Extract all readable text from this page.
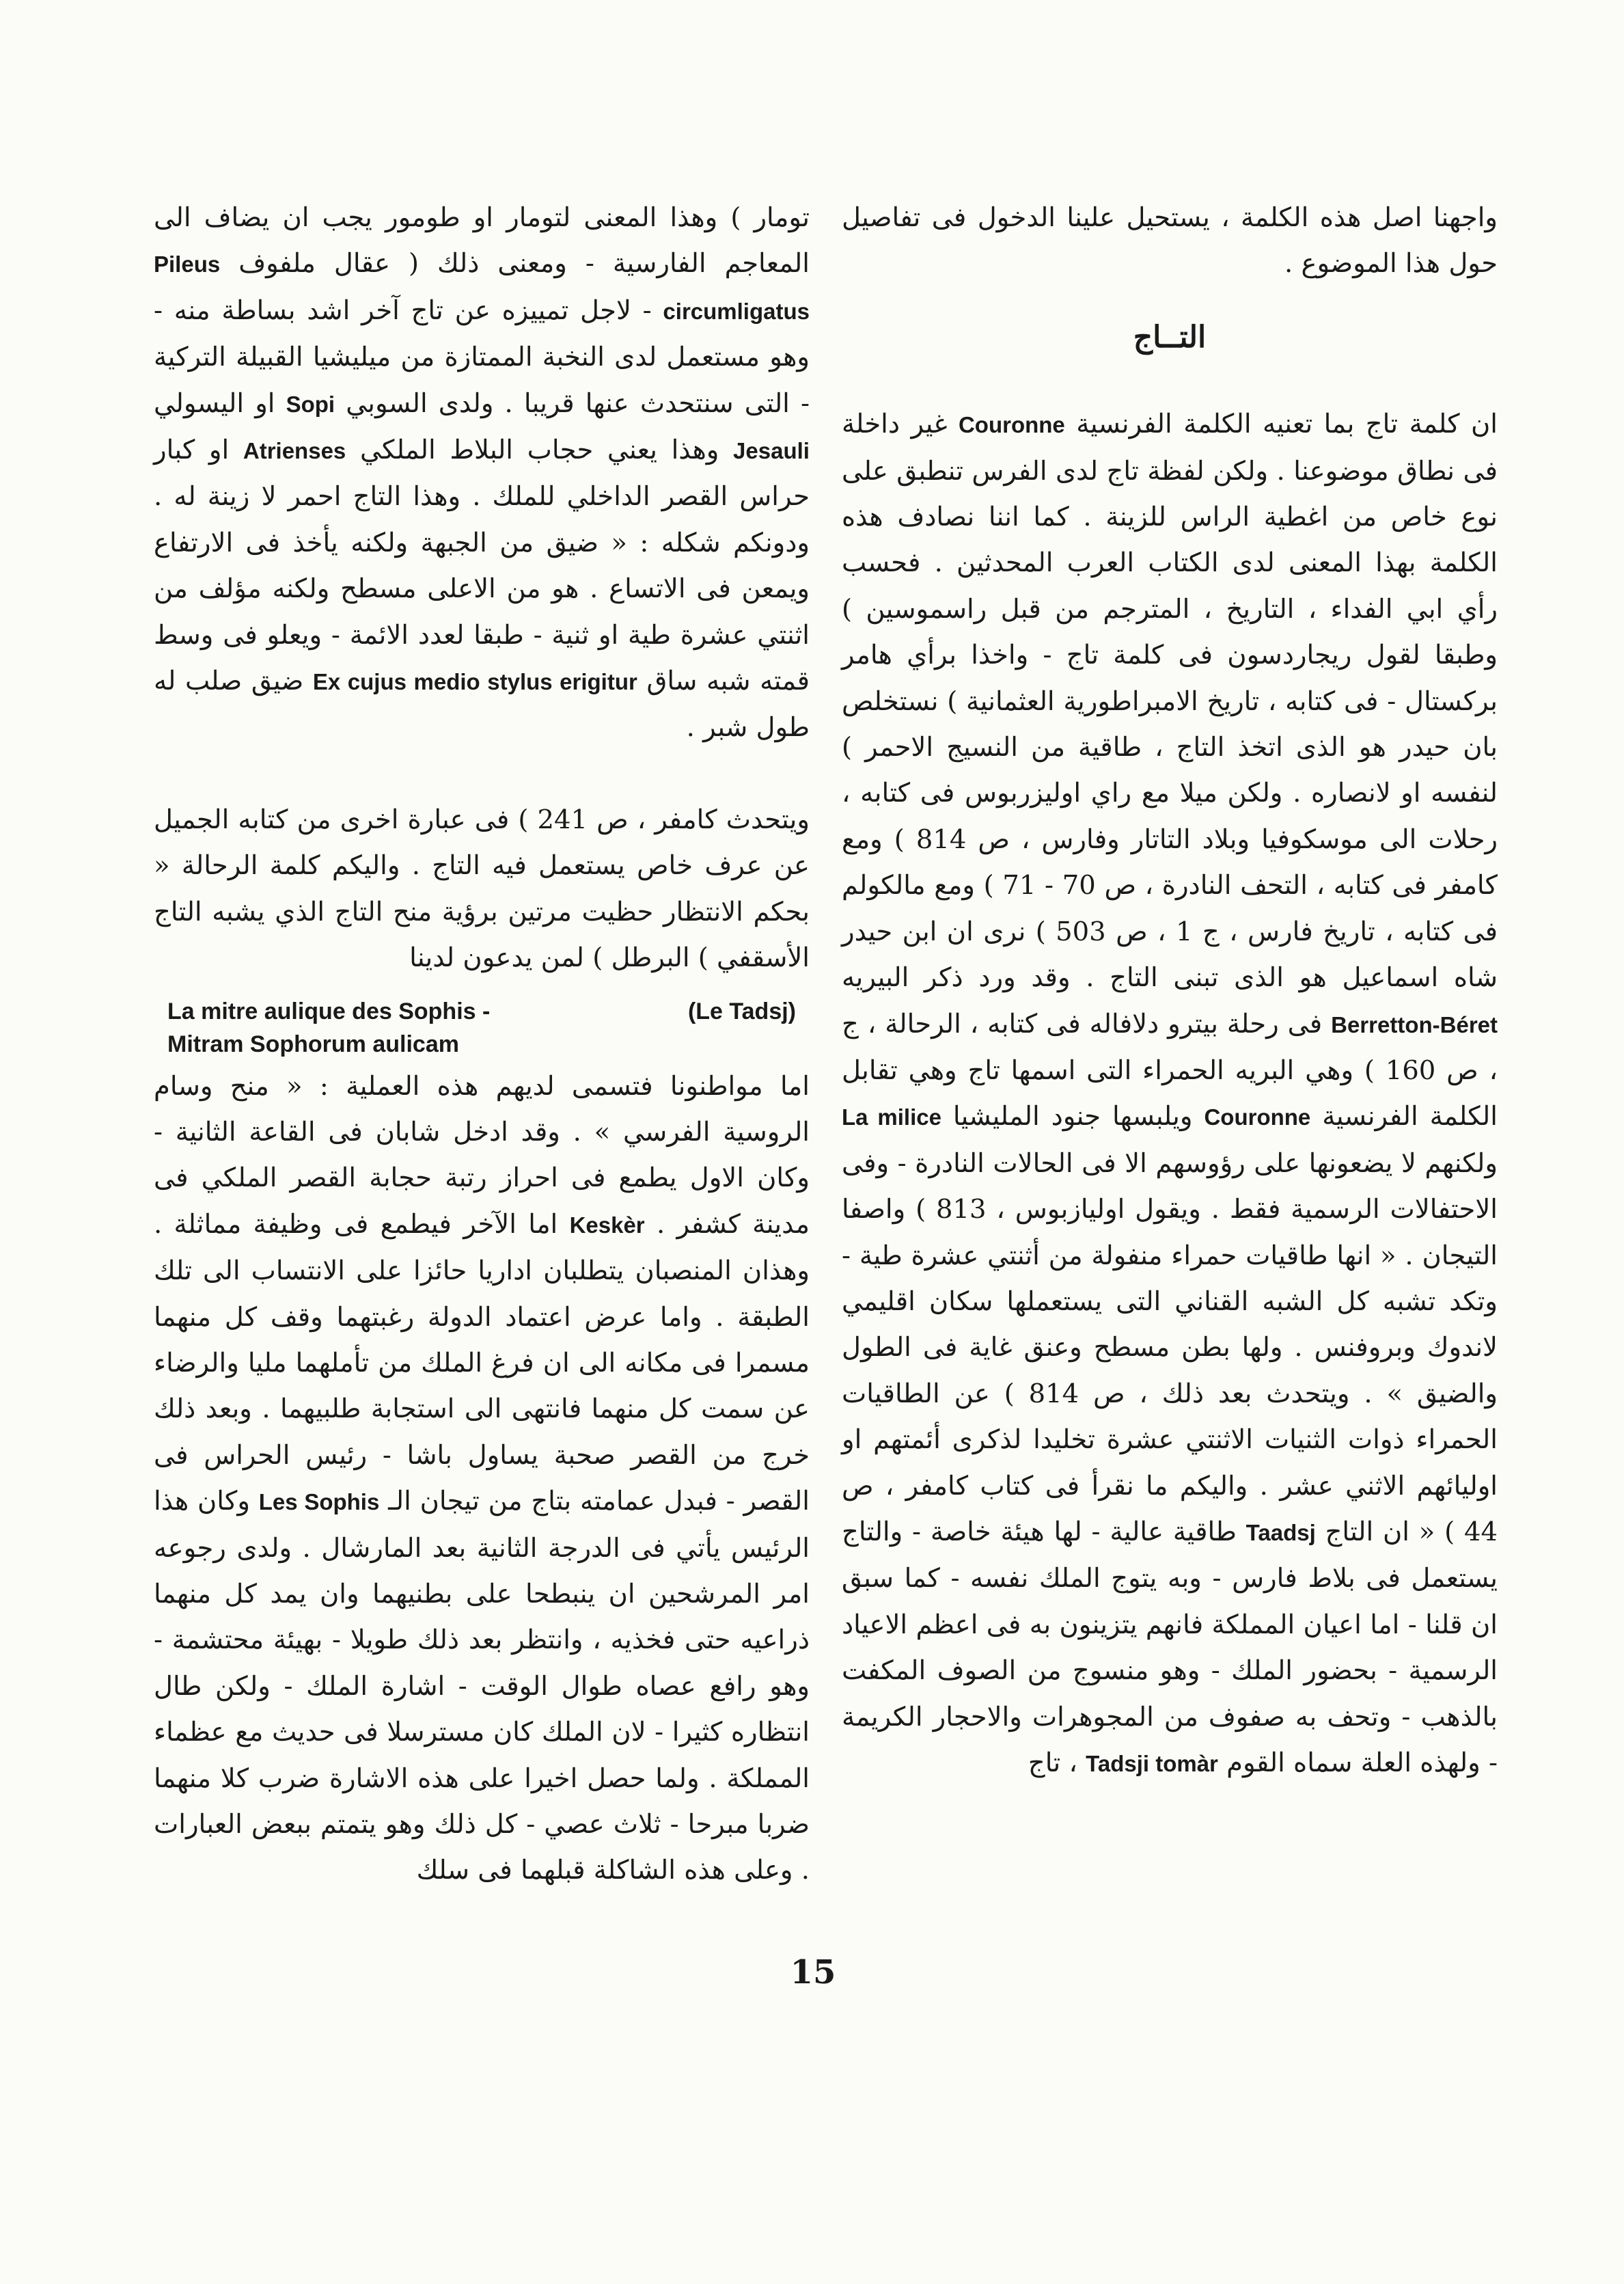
واجهنا اصل هذه الكلمة ، يستحيل علينا الدخول فى تفاصيل حول هذا الموضوع .

التــاج

ان كلمة تاج بما تعنيه الكلمة الفرنسية Couronne غير داخلة فى نطاق موضوعنا . ولكن لفظة تاج لدى الفرس تنطبق على نوع خاص من اغطية الراس للزينة . كما اننا نصادف هذه الكلمة بهذا المعنى لدى الكتاب العرب المحدثين . فحسب رأي ابي الفداء ، التاريخ ، المترجم من قبل راسموسين ) وطبقا لقول ريجاردسون فى كلمة تاج - واخذا برأي هامر بركستال - فى كتابه ، تاريخ الامبراطورية العثمانية ) نستخلص بان حيدر هو الذى اتخذ التاج ، طاقية من النسيج الاحمر ) لنفسه او لانصاره . ولكن ميلا مع راي اوليزربوس فى كتابه ، رحلات الى موسكوفيا وبلاد التاتار وفارس ، ص 814 ) ومع كامفر فى كتابه ، التحف النادرة ، ص 70 - 71 ) ومع مالكولم فى كتابه ، تاريخ فارس ، ج 1 ، ص 503 ) نرى ان ابن حيدر شاه اسماعيل هو الذى تبنى التاج . وقد ورد ذكر البيريه Berretton-Béret فى رحلة بيترو دلافاله فى كتابه ، الرحالة ، ج ، ص 160 ) وهي البريه الحمراء التى اسمها تاج وهي تقابل الكلمة الفرنسية Couronne ويلبسها جنود المليشيا La milice ولكنهم لا يضعونها على رؤوسهم الا فى الحالات النادرة - وفى الاحتفالات الرسمية فقط . ويقول اوليازبوس ، 813 ) واصفا التيجان . « انها طاقيات حمراء منفولة من أثنتي عشرة طية - وتكد تشبه كل الشبه القناني التى يستعملها سكان اقليمي لاندوك وبروفنس . ولها بطن مسطح وعنق غاية فى الطول والضيق » . ويتحدث بعد ذلك ، ص 814 ) عن الطاقيات الحمراء ذوات الثنيات الاثنتي عشرة تخليدا لذكرى أئمتهم او اوليائهم الاثني عشر . واليكم ما نقرأ فى كتاب كامفر ، ص 44 ) « ان التاج Taadsj طاقية عالية - لها هيئة خاصة - والتاج يستعمل فى بلاط فارس - وبه يتوج الملك نفسه - كما سبق ان قلنا - اما اعيان المملكة فانهم يتزينون به فى اعظم الاعياد الرسمية - بحضور الملك - وهو منسوج من الصوف المكفت بالذهب - وتحف به صفوف من المجوهرات والاحجار الكريمة - ولهذه العلة سماه القوم Tadsji tomàr ، تاج

تومار ) وهذا المعنى لتومار او طومور يجب ان يضاف الى المعاجم الفارسية - ومعنى ذلك ( عقال ملفوف Pileus circumligatus - لاجل تمييزه عن تاج آخر اشد بساطة منه - وهو مستعمل لدى النخبة الممتازة من ميليشيا القبيلة التركية - التى سنتحدث عنها قريبا . ولدى السوبي Sopi او اليسولي Jesauli وهذا يعني حجاب البلاط الملكي Atrienses او كبار حراس القصر الداخلي للملك . وهذا التاج احمر لا زينة له . ودونكم شكله : « ضيق من الجبهة ولكنه يأخذ فى الارتفاع ويمعن فى الاتساع . هو من الاعلى مسطح ولكنه مؤلف من اثنتي عشرة طية او ثنية - طبقا لعدد الائمة - ويعلو فى وسط قمته شبه ساق Ex cujus medio stylus erigitur ضيق صلب له طول شبر .

ويتحدث كامفر ، ص 241 ) فى عبارة اخرى من كتابه الجميل عن عرف خاص يستعمل فيه التاج . واليكم كلمة الرحالة « بحكم الانتظار حظيت مرتين برؤية منح التاج الذي يشبه التاج الأسقفي ) البرطل ) لمن يدعون لدينا

La mitre aulique des Sophis -	(Le Tadsj)
Mitram Sophorum aulicam

اما مواطنونا فتسمى لديهم هذه العملية : « منح وسام الروسية الفرسي » . وقد ادخل شابان فى القاعة الثانية - وكان الاول يطمع فى احراز رتبة حجابة القصر الملكي فى مدينة كشفر . Keskèr اما الآخر فيطمع فى وظيفة مماثلة . وهذان المنصبان يتطلبان اداريا حائزا على الانتساب الى تلك الطبقة . واما عرض اعتماد الدولة رغبتهما وقف كل منهما مسمرا فى مكانه الى ان فرغ الملك من تأملهما مليا والرضاء عن سمت كل منهما فانتهى الى استجابة طلبيهما . وبعد ذلك خرج من القصر صحبة يساول باشا - رئيس الحراس فى القصر - فبدل عمامته بتاج من تيجان الـ Les Sophis وكان هذا الرئيس يأتي فى الدرجة الثانية بعد المارشال . ولدى رجوعه امر المرشحين ان ينبطحا على بطنيهما وان يمد كل منهما ذراعيه حتى فخذيه ، وانتظر بعد ذلك طويلا - بهيئة محتشمة - وهو رافع عصاه طوال الوقت - اشارة الملك - ولكن طال انتظاره كثيرا - لان الملك كان مسترسلا فى حديث مع عظماء المملكة . ولما حصل اخيرا على هذه الاشارة ضرب كلا منهما ضربا مبرحا - ثلاث عصي - كل ذلك وهو يتمتم ببعض العبارات . وعلى هذه الشاكلة قبلهما فى سلك

15
